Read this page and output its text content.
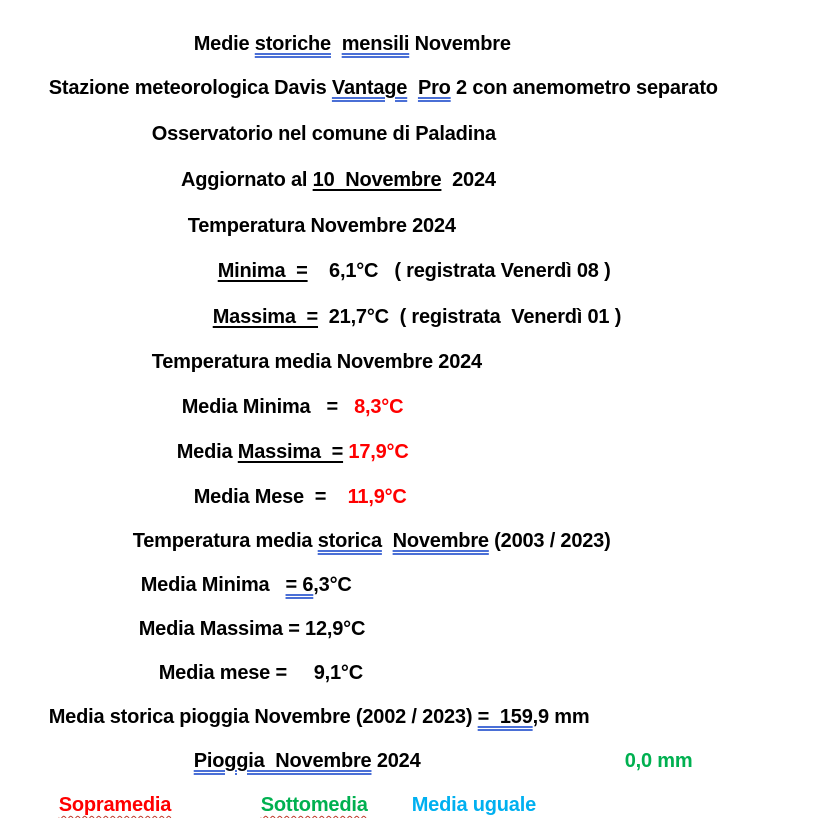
Medie storiche mensili Novembre

Stazione meteorologica Davis Vantage Pro 2 con anemometro separato

Osservatorio nel comune di Paladina

Aggiornato al 10  Novembre  2024

Temperatura Novembre 2024

Minima  =    6,1°C   ( registrata Venerdì 08 )

Massima  =  21,7°C  ( registrata  Venerdì 01 )

Temperatura media Novembre 2024

Media Minima   =   8,3°C

Media Massima  = 17,9°C

Media Mese  =    11,9°C

Temperatura media storica Novembre (2003 / 2023)

Media Minima   = 6,3°C

Media Massima = 12,9°C

Media mese =     9,1°C

Media storica pioggia Novembre (2002 / 2023) =  159,9 mm

Pioggia  Novembre 2024	0,0 mm

Sopramedia	Sottomedia	Media uguale
